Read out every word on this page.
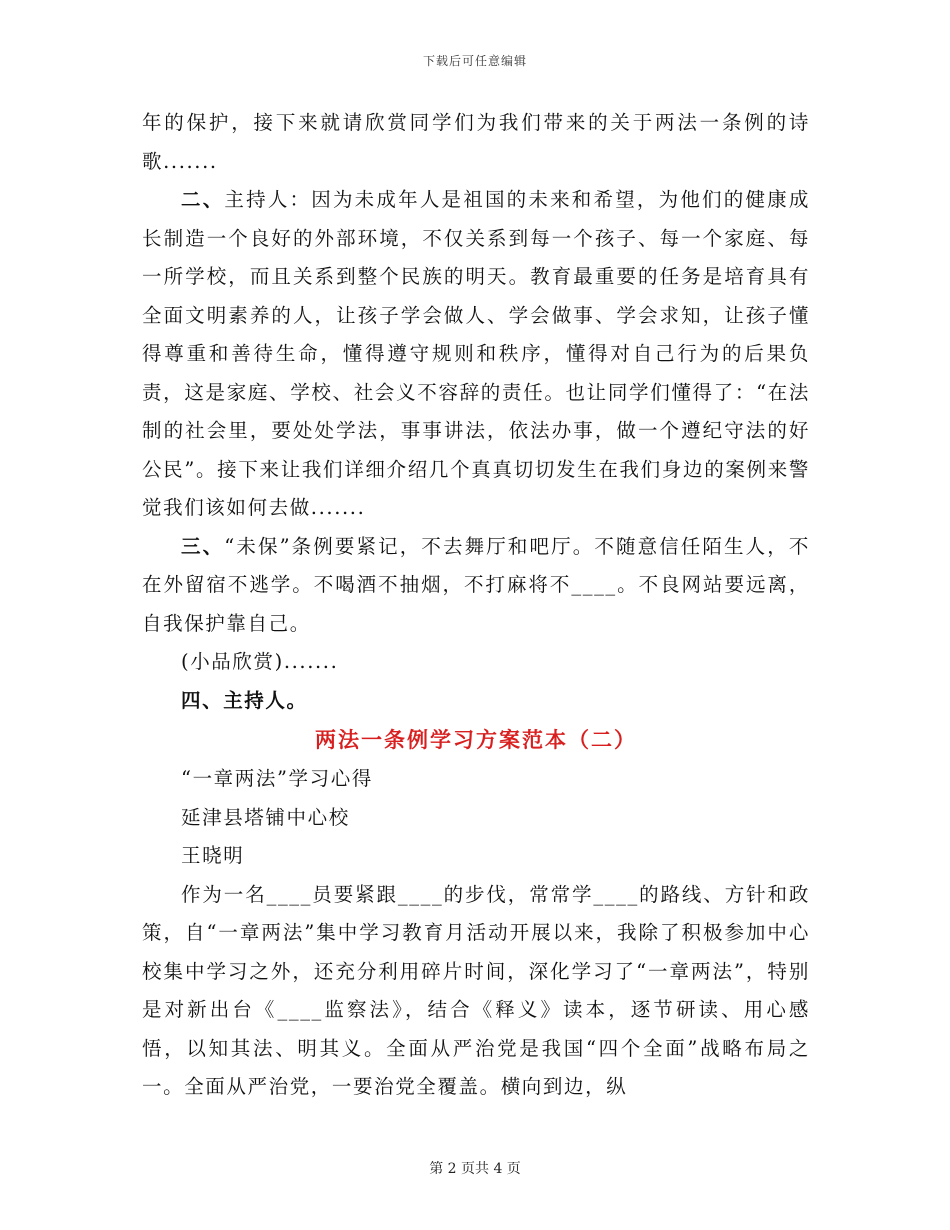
下载后可任意编辑

年的保护，接下来就请欣赏同学们为我们带来的关于两法一条例的诗歌.......

二、主持人：因为未成年人是祖国的未来和希望，为他们的健康成长制造一个良好的外部环境，不仅关系到每一个孩子、每一个家庭、每一所学校，而且关系到整个民族的明天。教育最重要的任务是培育具有全面文明素养的人，让孩子学会做人、学会做事、学会求知，让孩子懂得尊重和善待生命，懂得遵守规则和秩序，懂得对自己行为的后果负责，这是家庭、学校、社会义不容辞的责任。也让同学们懂得了：“在法制的社会里，要处处学法，事事讲法，依法办事，做一个遵纪守法的好公民”。接下来让我们详细介绍几个真真切切发生在我们身边的案例来警觉我们该如何去做.......

三、“未保”条例要紧记，不去舞厅和吧厅。不随意信任陌生人，不在外留宿不逃学。不喝酒不抽烟，不打麻将不____。不良网站要远离，自我保护靠自己。

(小品欣赏).......

四、主持人。

两法一条例学习方案范本（二）

“一章两法”学习心得

延津县塔铺中心校

王晓明

作为一名____员要紧跟____的步伐，常常学____的路线、方针和政策，自“一章两法”集中学习教育月活动开展以来，我除了积极参加中心校集中学习之外，还充分利用碎片时间，深化学习了“一章两法”，特别是对新出台《____监察法》，结合《释义》读本，逐节研读、用心感悟，以知其法、明其义。全面从严治党是我国“四个全面”战略布局之一。全面从严治党，一要治党全覆盖。横向到边，纵

第 2 页共 4 页
